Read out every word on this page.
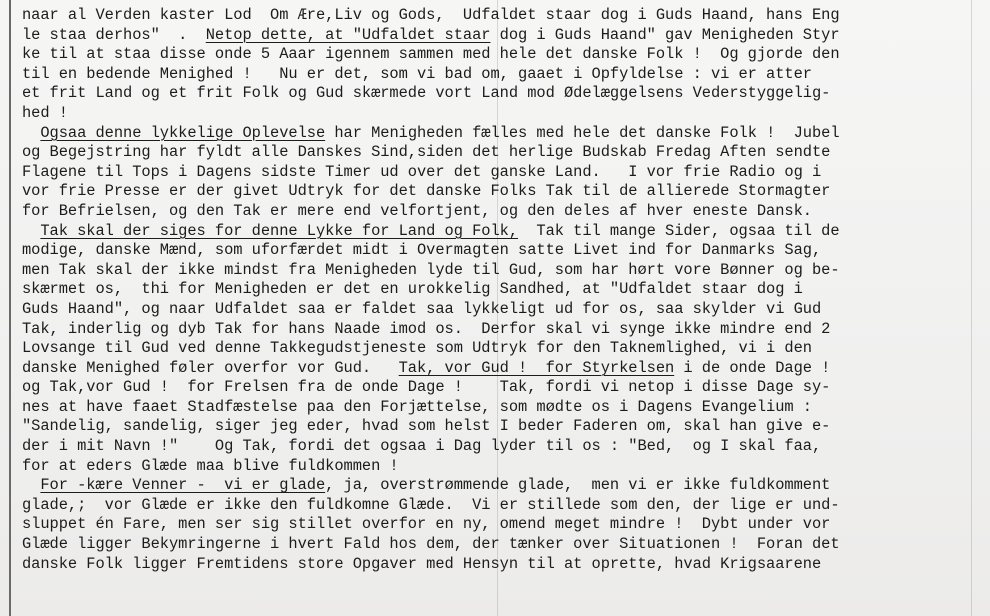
naar al Verden kaster Lod  Om Ære,Liv og Gods,  Udfaldet staar dog i Guds Haand, hans Eng
le staa derhos"  .  Netop dette, at "Udfaldet staar dog i Guds Haand" gav Menigheden Styr
ke til at staa disse onde 5 Aaar igennem sammen med hele det danske Folk !  Og gjorde den
til en bedende Menighed !   Nu er det, som vi bad om, gaaet i Opfyldelse : vi er atter
et frit Land og et frit Folk og Gud skærmede vort Land mod Ødelæggelsens Vederstyggelig-
hed !
Ogsaa denne lykkelige Oplevelse har Menigheden fælles med hele det danske Folk !  Jubel
og Begejstring har fyldt alle Danskes Sind,siden det herlige Budskab Fredag Aften sendte
Flagene til Tops i Dagens sidste Timer ud over det ganske Land.   I vor frie Radio og i
vor frie Presse er der givet Udtryk for det danske Folks Tak til de allierede Stormagter
for Befrielsen, og den Tak er mere end velfortjent, og den deles af hver eneste Dansk.
Tak skal der siges for denne Lykke for Land og Folk,  Tak til mange Sider, ogsaa til de
modige, danske Mænd, som uforfærdet midt i Overmagten satte Livet ind for Danmarks Sag,
men Tak skal der ikke mindst fra Menigheden lyde til Gud, som har hørt vore Bønner og be-
skærmet os,  thi for Menigheden er det en urokkelig Sandhed, at "Udfaldet staar dog i
Guds Haand", og naar Udfaldet saa er faldet saa lykkeligt ud for os, saa skylder vi Gud
Tak, inderlig og dyb Tak for hans Naade imod os.  Derfor skal vi synge ikke mindre end 2
Lovsange til Gud ved denne Takkegudstjeneste som Udtryk for den Taknemlighed, vi i den
danske Menighed føler overfor vor Gud.   Tak, vor Gud !  for Styrkelsen i de onde Dage !
og Tak,vor Gud !  for Frelsen fra de onde Dage !    Tak, fordi vi netop i disse Dage sy-
nes at have faaet Stadfæstelse paa den Forjættelse, som mødte os i Dagens Evangelium :
"Sandelig, sandelig, siger jeg eder, hvad som helst I beder Faderen om, skal han give e-
der i mit Navn !"    Og Tak, fordi det ogsaa i Dag lyder til os : "Bed,  og I skal faa,
for at eders Glæde maa blive fuldkommen !
For -kære Venner -  vi er glade, ja, overstrømmende glade,  men vi er ikke fuldkomment
glade,;  vor Glæde er ikke den fuldkomne Glæde.  Vi er stillede som den, der lige er und-
sluppet én Fare, men ser sig stillet overfor en ny, omend meget mindre !  Dybt under vor
Glæde ligger Bekymringerne i hvert Fald hos dem, der tænker over Situationen !  Foran det
danske Folk ligger Fremtidens store Opgaver med Hensyn til at oprette, hvad Krigsaarene
